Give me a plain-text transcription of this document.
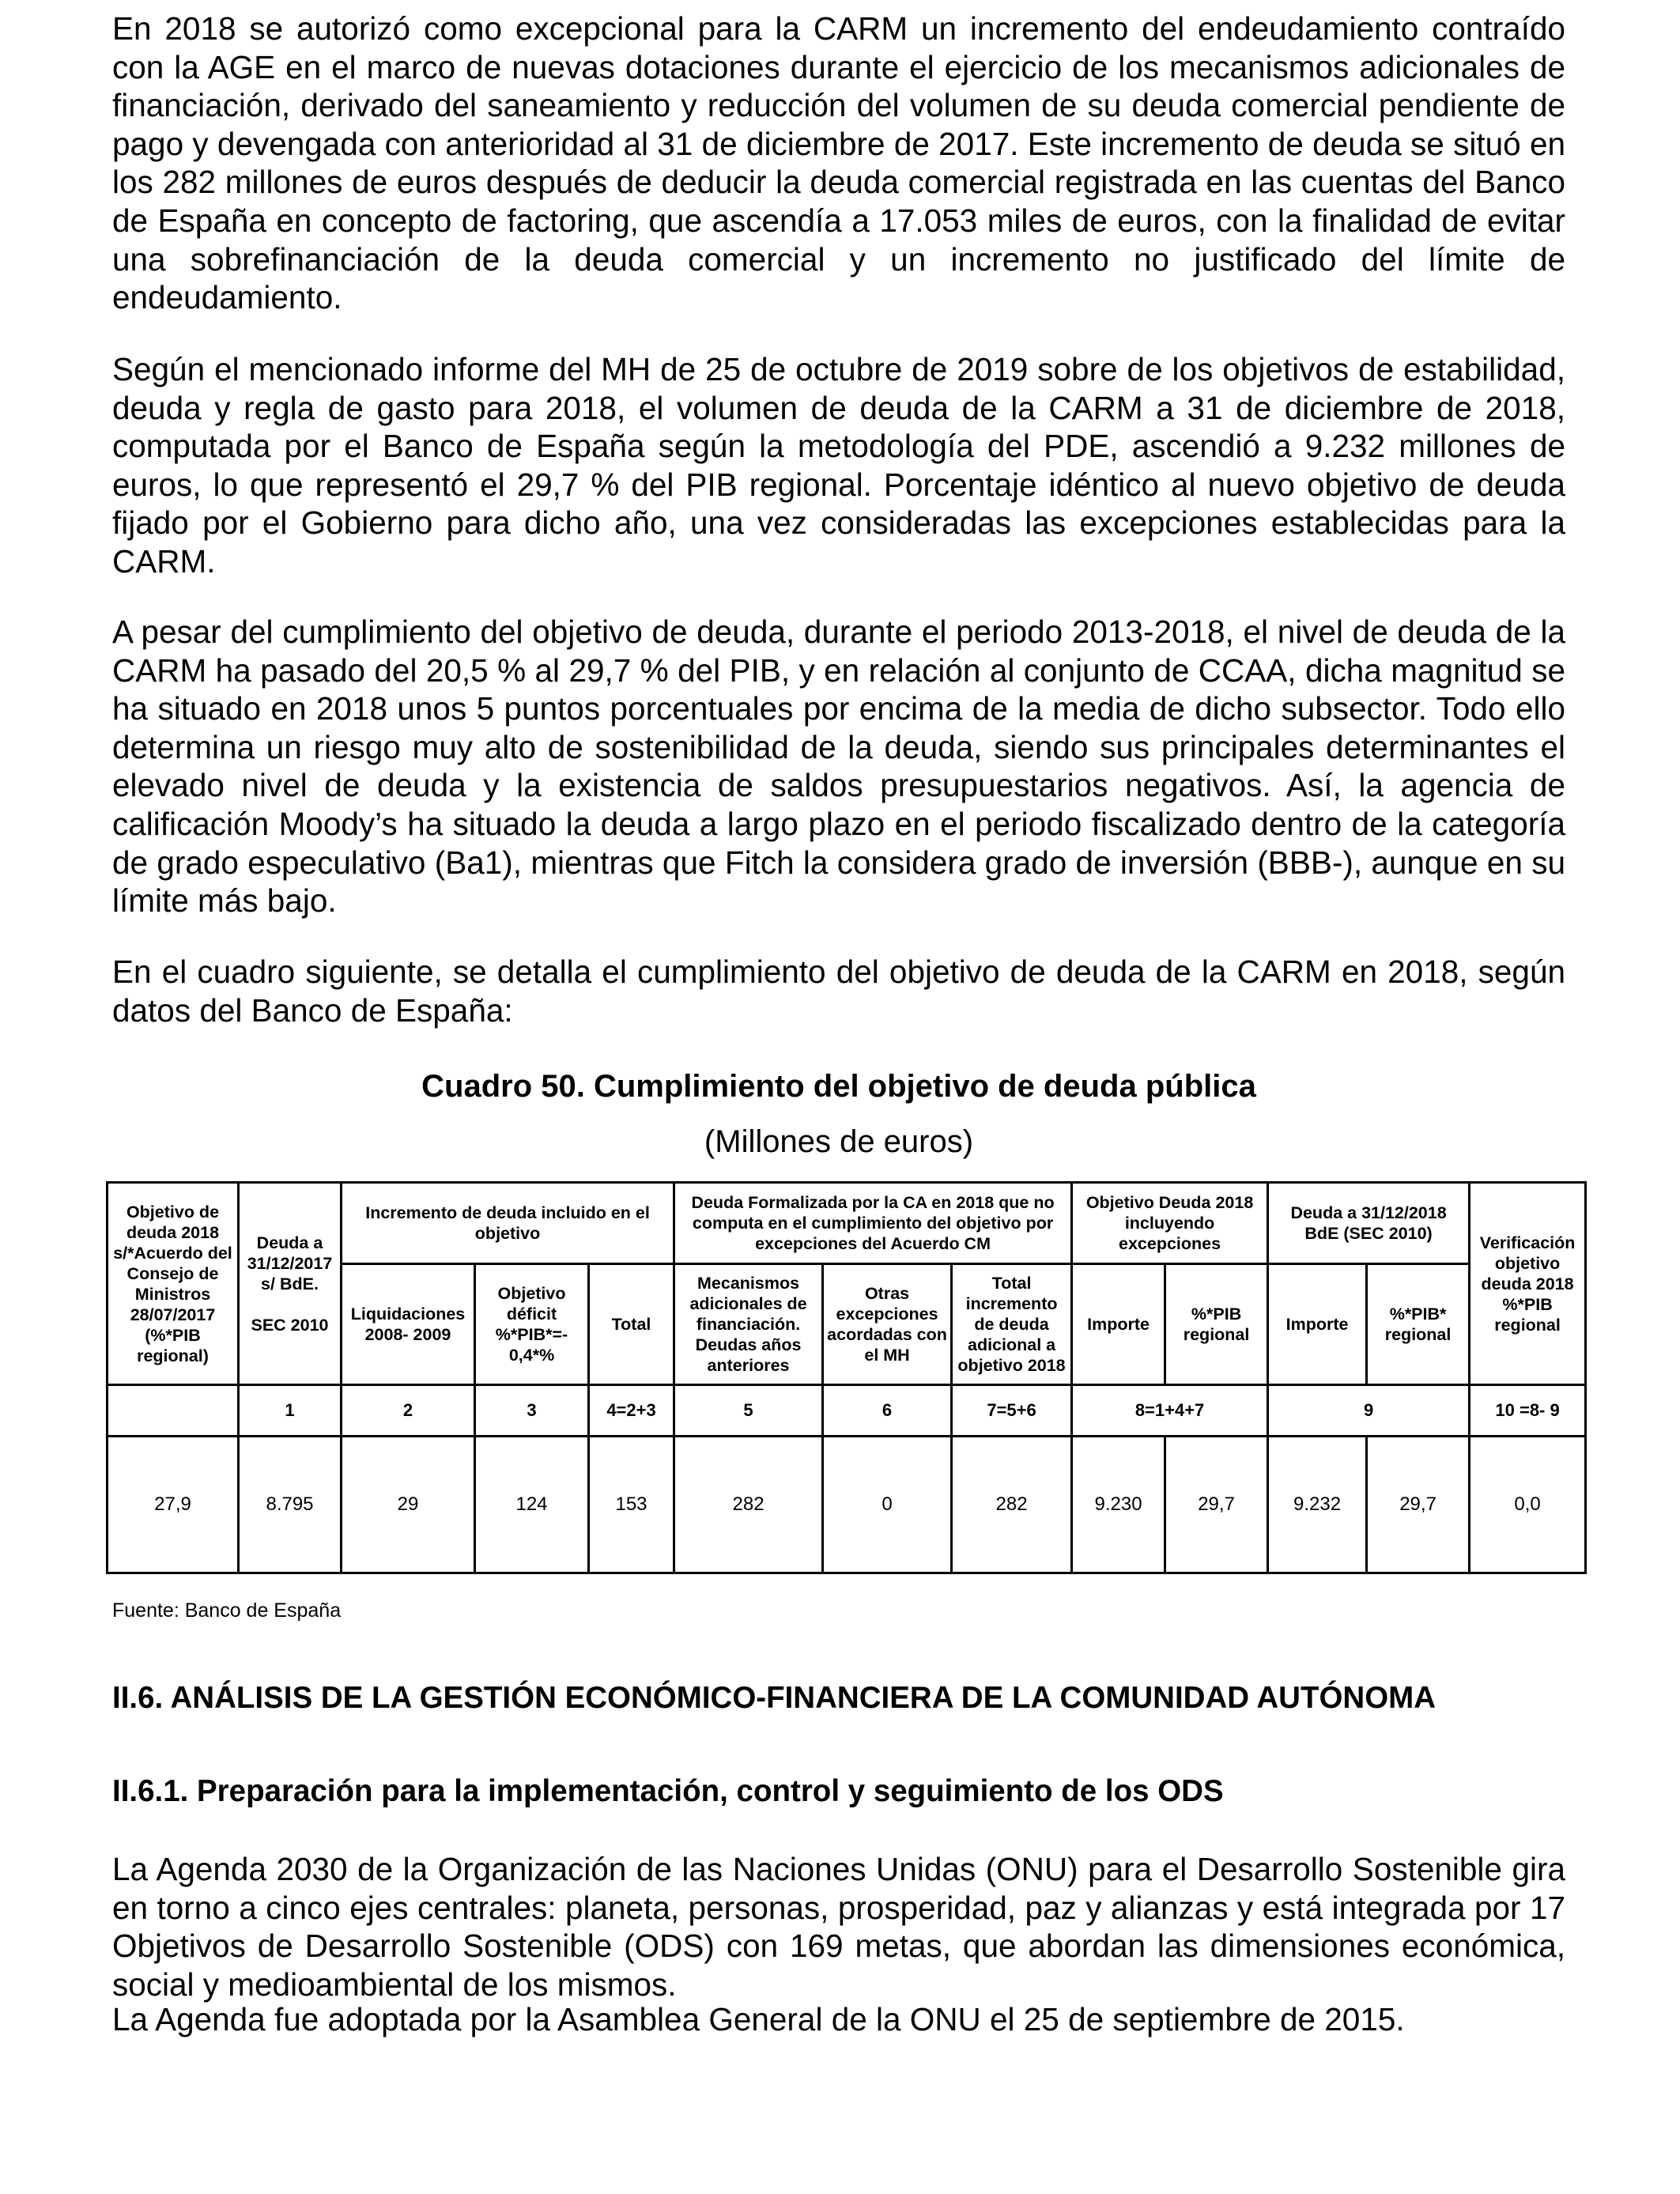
En 2018 se autorizó como excepcional para la CARM un incremento del endeudamiento contraído con la AGE en el marco de nuevas dotaciones durante el ejercicio de los mecanismos adicionales de financiación, derivado del saneamiento y reducción del volumen de su deuda comercial pendiente de pago y devengada con anterioridad al 31 de diciembre de 2017. Este incremento de deuda se situó en los 282 millones de euros después de deducir la deuda comercial registrada en las cuentas del Banco de España en concepto de factoring, que ascendía a 17.053 miles de euros, con la finalidad de evitar una sobrefinanciación de la deuda comercial y un incremento no justificado del límite de endeudamiento.

Según el mencionado informe del MH de 25 de octubre de 2019 sobre de los objetivos de estabilidad, deuda y regla de gasto para 2018, el volumen de deuda de la CARM a 31 de diciembre de 2018, computada por el Banco de España según la metodología del PDE, ascendió a 9.232 millones de euros, lo que representó el 29,7 % del PIB regional. Porcentaje idéntico al nuevo objetivo de deuda fijado por el Gobierno para dicho año, una vez consideradas las excepciones establecidas para la CARM.

A pesar del cumplimiento del objetivo de deuda, durante el periodo 2013-2018, el nivel de deuda de la CARM ha pasado del 20,5 % al 29,7 % del PIB, y en relación al conjunto de CCAA, dicha magnitud se ha situado en 2018 unos 5 puntos porcentuales por encima de la media de dicho subsector. Todo ello determina un riesgo muy alto de sostenibilidad de la deuda, siendo sus principales determinantes el elevado nivel de deuda y la existencia de saldos presupuestarios negativos. Así, la agencia de calificación Moody’s ha situado la deuda a largo plazo en el periodo fiscalizado dentro de la categoría de grado especulativo (Ba1), mientras que Fitch la considera grado de inversión (BBB-), aunque en su límite más bajo.

En el cuadro siguiente, se detalla el cumplimiento del objetivo de deuda de la CARM en 2018, según datos del Banco de España:

Cuadro 50. Cumplimiento del objetivo de deuda pública
(Millones de euros)
Objetivo de deuda 2018 s/*Acuerdo del Consejo de Ministros 28/07/2017 (%*PIB regional)	Deuda a 31/12/2017 s/ BdE.

SEC 2010	Incremento de deuda incluido en el objetivo			Deuda Formalizada por la CA en 2018 que no computa en el cumplimiento del objetivo por excepciones del Acuerdo CM			Objetivo Deuda 2018 incluyendo excepciones		Deuda a 31/12/2018 BdE (SEC 2010)		Verificación objetivo deuda 2018 %*PIB regional
		Liquidaciones 2008- 2009	Objetivo déficit %*PIB*=- 0,4*%	Total	Mecanismos adicionales de financiación. Deudas años anteriores	Otras excepciones acordadas con el MH	Total incremento de deuda adicional a objetivo 2018	Importe	%*PIB regional	Importe	%*PIB* regional	
	1	2	3	4=2+3	5	6	7=5+6	8=1+4+7		9		10 =8- 9
27,9	8.795	29	124	153	282	0	282	9.230	29,7	9.232	29,7	0,0
Fuente: Banco de España
II.6. ANÁLISIS DE LA GESTIÓN ECONÓMICO-FINANCIERA DE LA COMUNIDAD AUTÓNOMA
II.6.1. Preparación para la implementación, control y seguimiento de los ODS

La Agenda 2030 de la Organización de las Naciones Unidas (ONU) para el Desarrollo Sostenible gira en torno a cinco ejes centrales: planeta, personas, prosperidad, paz y alianzas y está integrada por 17 Objetivos de Desarrollo Sostenible (ODS) con 169 metas, que abordan las dimensiones económica, social y medioambiental de los mismos.

La Agenda fue adoptada por la Asamblea General de la ONU el 25 de septiembre de 2015.
